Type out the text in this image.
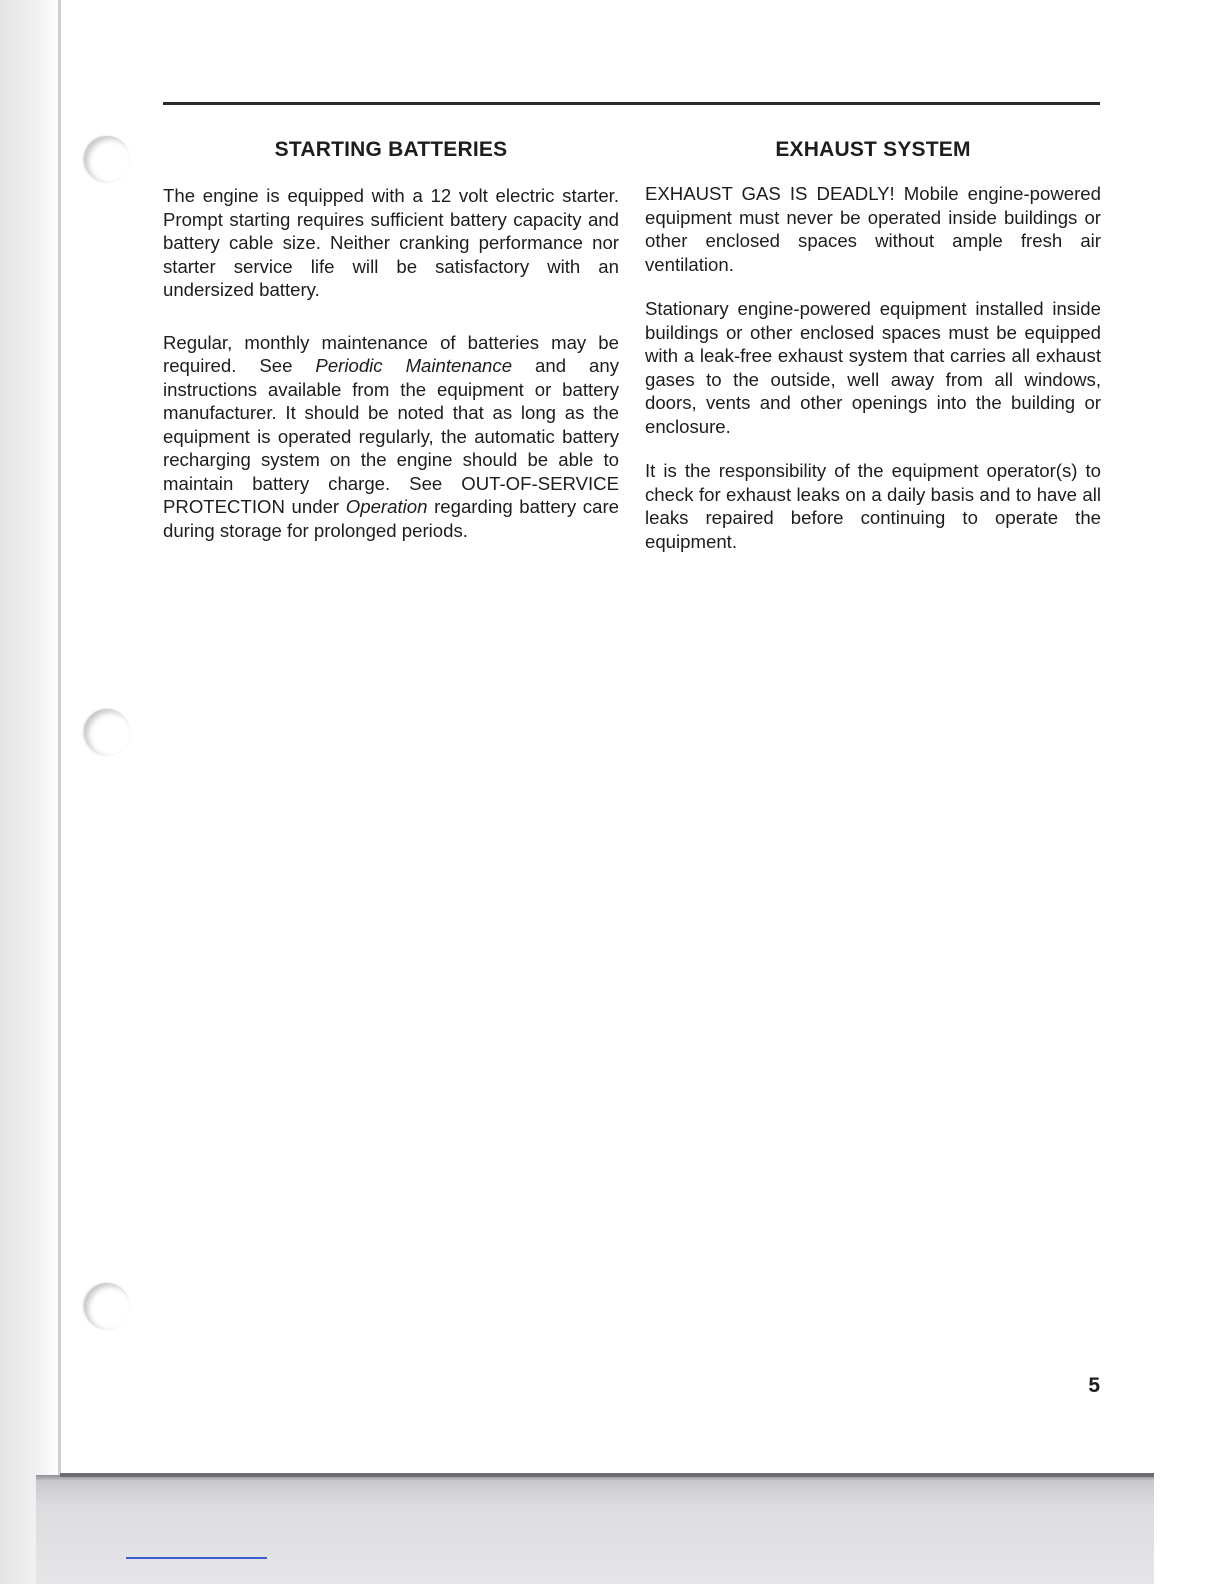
STARTING BATTERIES

The engine is equipped with a 12 volt electric starter. Prompt starting requires sufficient battery capacity and battery cable size. Neither cranking performance nor starter service life will be satisfactory with an undersized battery.

Regular, monthly maintenance of batteries may be required. See Periodic Maintenance and any instructions available from the equipment or battery manufacturer. It should be noted that as long as the equipment is operated regularly, the automatic battery recharging system on the engine should be able to maintain battery charge. See OUT-OF-SERVICE PROTECTION under Operation regarding battery care during storage for prolonged periods.

EXHAUST SYSTEM

EXHAUST GAS IS DEADLY! Mobile engine-powered equipment must never be operated inside buildings or other enclosed spaces without ample fresh air ventilation.

Stationary engine-powered equipment installed inside buildings or other enclosed spaces must be equipped with a leak-free exhaust system that carries all exhaust gases to the outside, well away from all windows, doors, vents and other openings into the building or enclosure.

It is the responsibility of the equipment operator(s) to check for exhaust leaks on a daily basis and to have all leaks repaired before continuing to operate the equipment.

5
